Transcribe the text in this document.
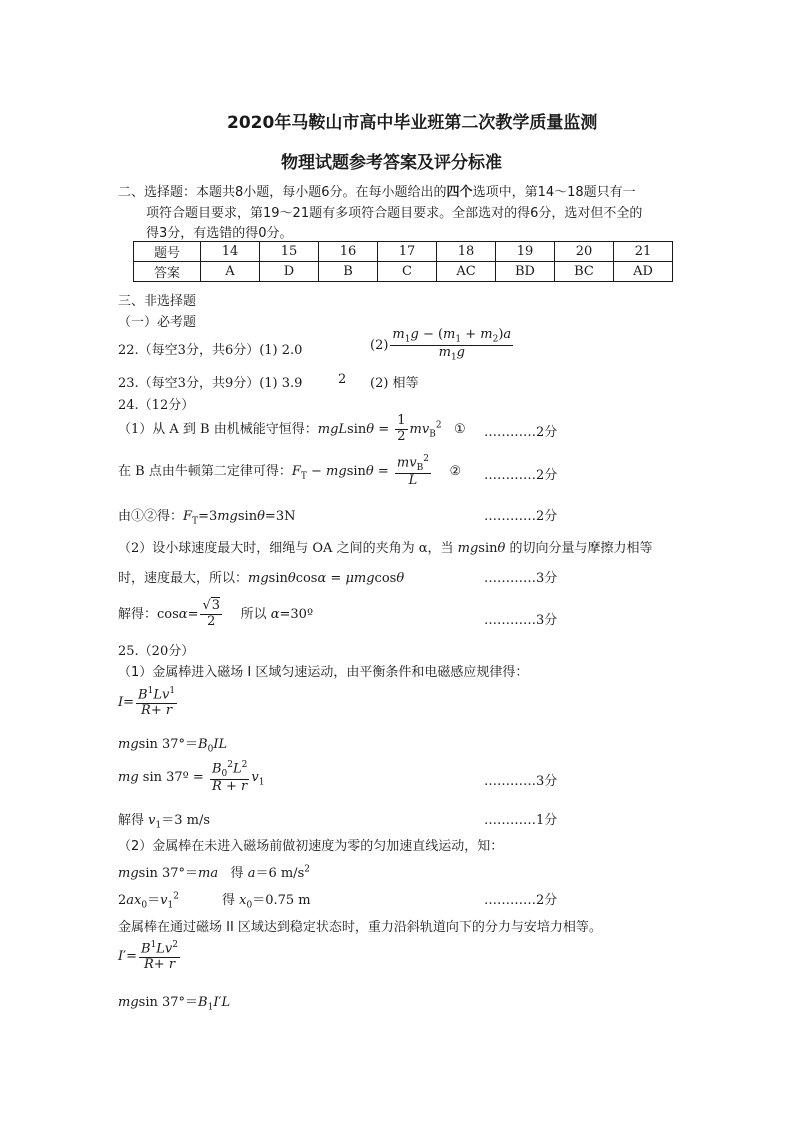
2020年马鞍山市高中毕业班第二次教学质量监测
物理试题参考答案及评分标准
二、选择题：本题共8小题，每小题6分。在每小题给出的四个选项中，第14～18题只有一
项符合题目要求，第19～21题有多项符合题目要求。全部选对的得6分，选对但不全的
得3分，有选错的得0分。
题号	14	15	16	17	18	19	20	21
答案	A	D	B	C	AC	BD	BC	AD
三、非选择题
（一）必考题
22.（每空3分，共6分）(1) 2.0	$(2) \frac{m_1g - (m_1 + m_2)a}{m_1g}$
23.（每空3分，共9分）(1) 3.9	2 (2) 相等
24.（12分）
（1）从 A 到 B 由机械能守恒得：$mgLsin\theta = \frac{1}{2} mv_B^2$ ① …………2分
在 B 点由牛顿第二定律可得：$F_T - mgsin\theta = \frac{mv_B^2}{L}$ ② …………2分
由①②得：$F_T=3mgsin\theta=3N$	…………2分
（2）设小球速度最大时，细绳与 OA 之间的夹角为 α，当 mgsinθ 的切向分量与摩擦力相等
时，速度最大，所以：mgsinθcosα = μmgcosθ	…………3分
解得：$\cos\alpha= \frac{√3}{2}$ 所以 α=30º	…………3分
25.（20分）
（1）金属棒进入磁场 I 区域匀速运动，由平衡条件和电磁感应规律得：
$I= \frac{B^1Lv^1}{R+ r}$
mgsin $37^\circ=B_0IL$
mg sin 37º = $\frac{B_0^2L^2}{R + r} v_1$	…………3分
解得 $v_1=3$ m/s	…………1分
（2）金属棒在未进入磁场前做初速度为零的匀加速直线运动，知：
mgsin 37°＝ma 得 a＝6 $m/s^2$
$2ax_0=v_1^2$	得 $x_0=0.75$ m	…………2分
金属棒在通过磁场 II 区域达到稳定状态时，重力沿斜轨道向下的分力与安培力相等。
$I'= \frac{B^1Lv^2}{R+ r}$
mgsin $37^\circ=B_1I'L$
